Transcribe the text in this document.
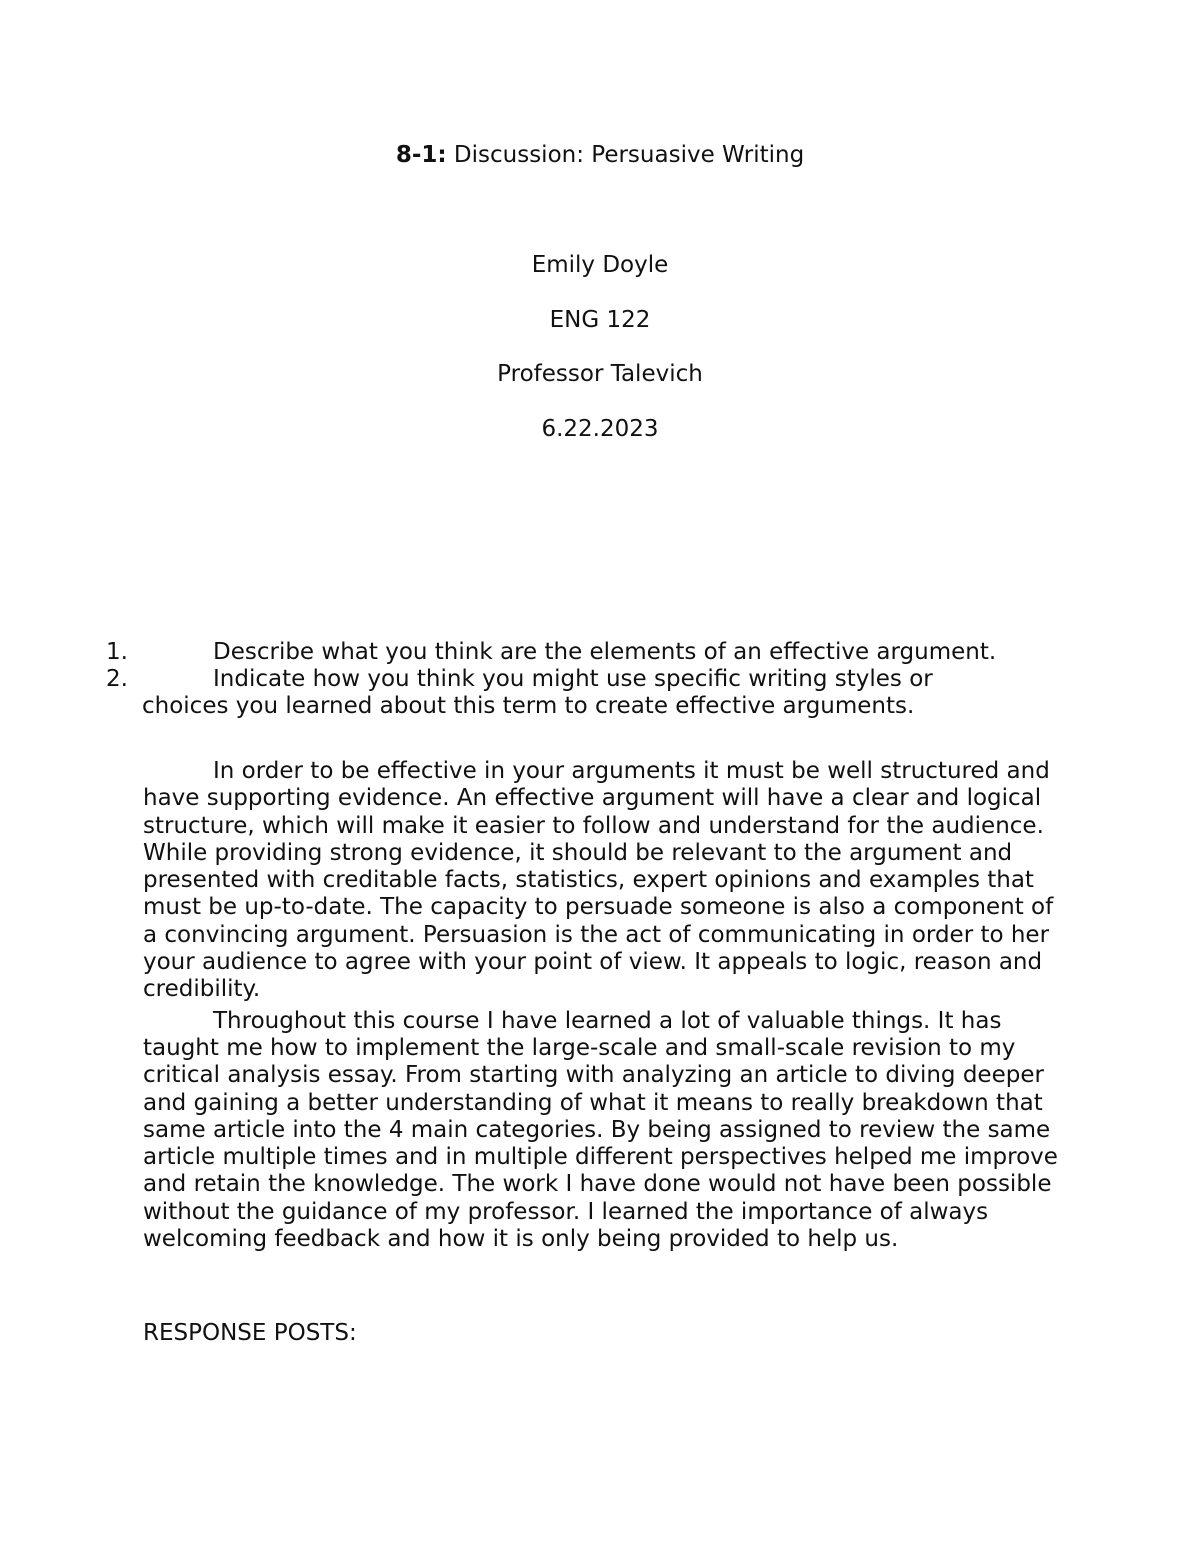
8-1: Discussion: Persuasive Writing
Emily Doyle
ENG 122
Professor Talevich
6.22.2023
1.	Describe what you think are the elements of an effective argument.
2.	Indicate how you think you might use specific writing styles or
choices you learned about this term to create effective arguments.

In order to be effective in your arguments it must be well structured and have supporting evidence. An effective argument will have a clear and logical structure, which will make it easier to follow and understand for the audience. While providing strong evidence, it should be relevant to the argument and presented with creditable facts, statistics, expert opinions and examples that must be up-to-date. The capacity to persuade someone is also a component of a convincing argument. Persuasion is the act of communicating in order to her your audience to agree with your point of view. It appeals to logic, reason and credibility.

Throughout this course I have learned a lot of valuable things. It has taught me how to implement the large-scale and small-scale revision to my critical analysis essay. From starting with analyzing an article to diving deeper and gaining a better understanding of what it means to really breakdown that same article into the 4 main categories. By being assigned to review the same article multiple times and in multiple different perspectives helped me improve and retain the knowledge. The work I have done would not have been possible without the guidance of my professor. I learned the importance of always welcoming feedback and how it is only being provided to help us.

RESPONSE POSTS:
